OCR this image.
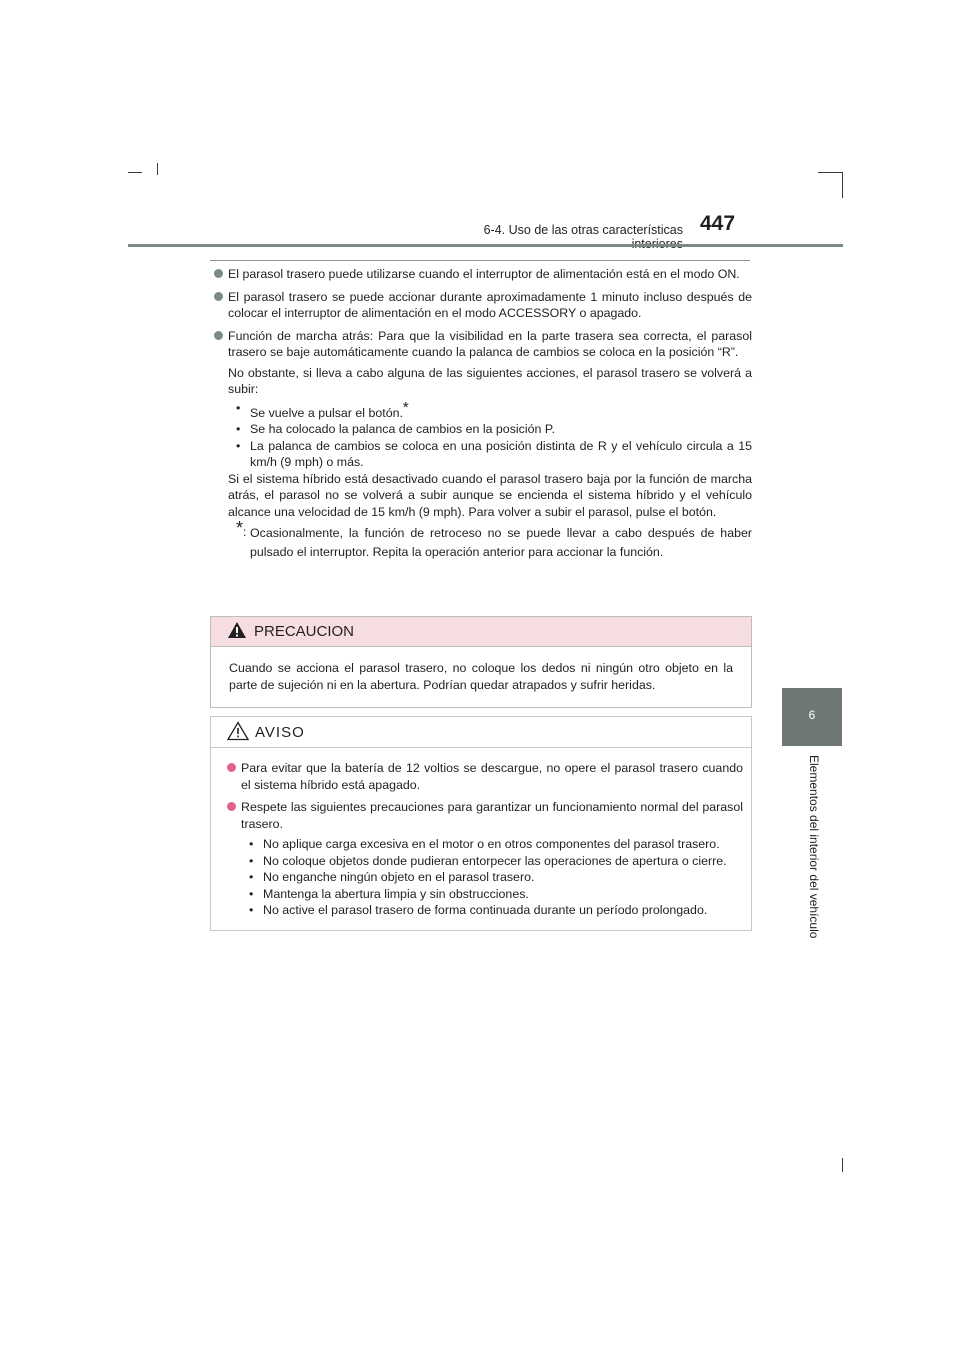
6-4. Uso de las otras características 447
6
Elementos del interior del vehículo
El parasol trasero puede utilizarse cuando el interruptor de alimentación está en el modo ON.
El parasol trasero se puede accionar durante aproximadamente 1 minuto incluso después de colocar el interruptor de alimentación en el modo ACCESSORY o apagado.
Función de marcha atrás: Para que la visibilidad en la parte trasera sea correcta, el parasol trasero se baje automáticamente cuando la palanca de cambios se coloca en la posición “R”.
No obstante, si lleva a cabo alguna de las siguientes acciones, el parasol trasero se volverá a subir:
• Se vuelve a pulsar el botón.*
• Se ha colocado la palanca de cambios en la posición P.
• La palanca de cambios se coloca en una posición distinta de R y el vehículo circula a 15 km/h (9 mph) o más.
Si el sistema híbrido está desactivado cuando el parasol trasero baja por la función de marcha atrás, el parasol no se volverá a subir aunque se encienda el sistema híbrido y el vehículo alcance una velocidad de 15 km/h (9 mph). Para volver a subir el parasol, pulse el botón.
* : Ocasionalmente, la función de retroceso no se puede llevar a cabo después de haber pulsado el interruptor. Repita la operación anterior para accionar la función.
PRECAUCION
Cuando se acciona el parasol trasero, no coloque los dedos ni ningún otro objeto en la parte de sujeción ni en la abertura. Podrían quedar atrapados y sufrir heridas.
AVISO
Para evitar que la batería de 12 voltios se descargue, no opere el parasol trasero cuando el sistema híbrido está apagado.
Respete las siguientes precauciones para garantizar un funcionamiento normal del parasol trasero.
• No aplique carga excesiva en el motor o en otros componentes del parasol trasero.
• No coloque objetos donde pudieran entorpecer las operaciones de apertura o cierre.
• No enganche ningún objeto en el parasol trasero.
• Mantenga la abertura limpia y sin obstrucciones.
• No active el parasol trasero de forma continuada durante un período prolongado.
